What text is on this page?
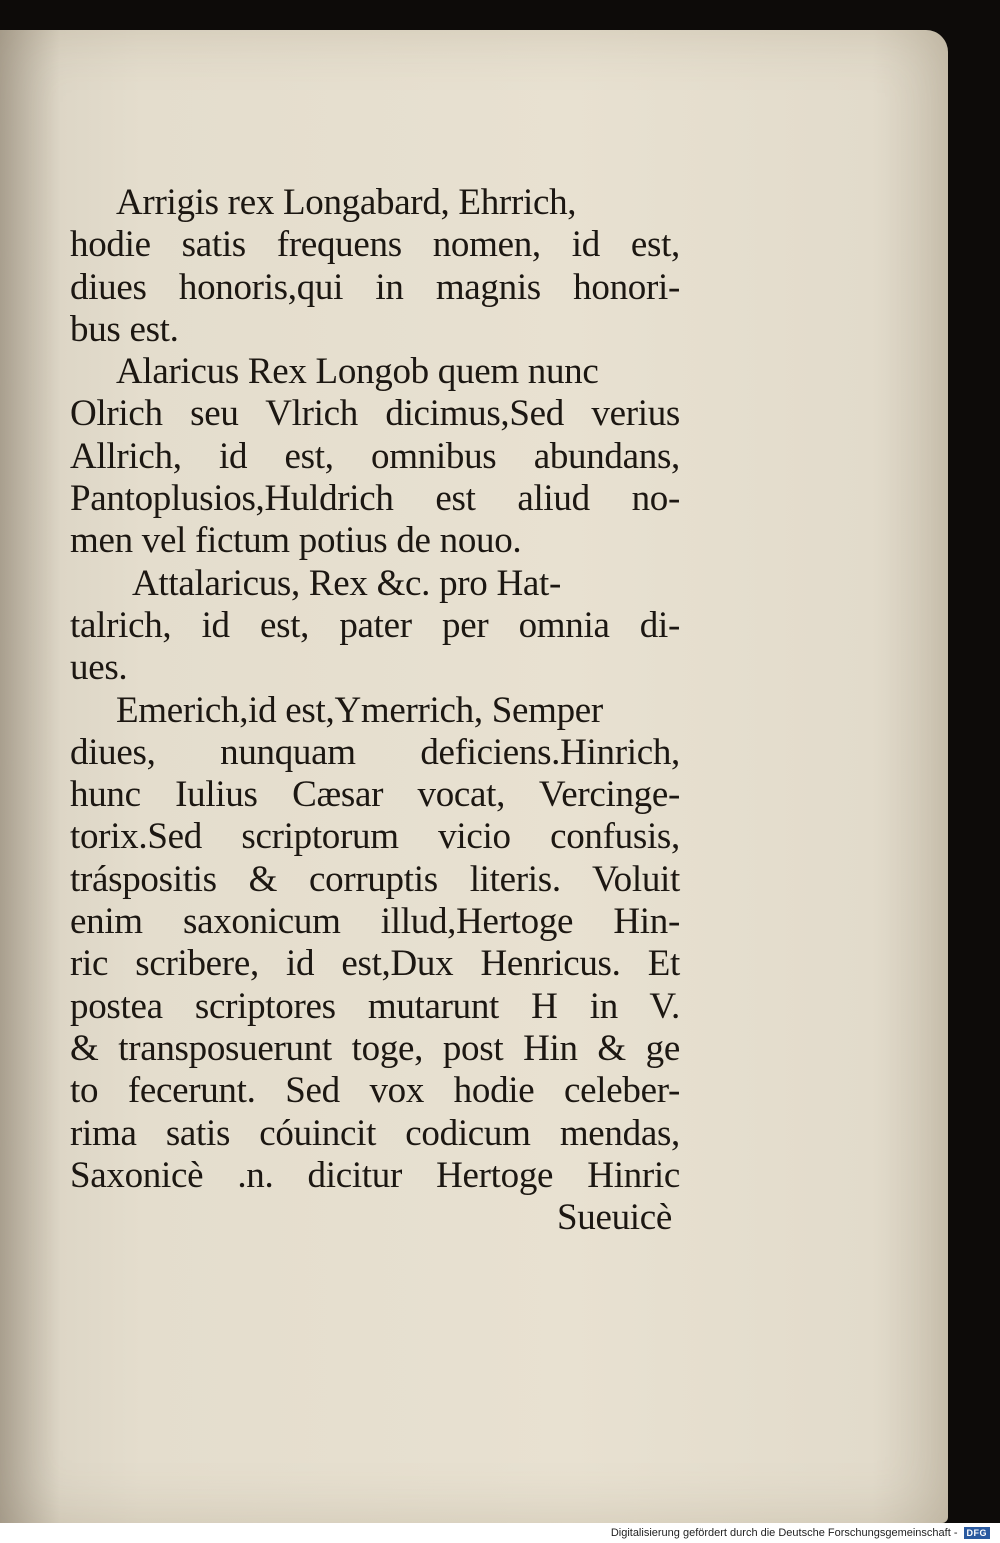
Arrigis rex Longabard, Ehrrich,
hodie satis frequens nomen, id est,
diues honoris,qui in magnis honori-
bus est.
Alaricus Rex Longob quem nunc
Olrich seu Vlrich dicimus,Sed verius
Allrich, id est, omnibus abundans,
Pantoplusios,Huldrich est aliud no-
men vel fictum potius de nouo.
Attalaricus, Rex &c. pro Hat-
talrich, id est, pater per omnia di-
ues.
Emerich,id est,Ymerrich, Semper
diues, nunquam deficiens.Hinrich,
hunc Iulius Cæsar vocat, Vercinge-
torix.Sed scriptorum vicio confusis,
tráspositis & corruptis literis. Voluit
enim saxonicum illud,Hertoge Hin-
ric scribere, id est,Dux Henricus. Et
postea scriptores mutarunt H in V.
& transposuerunt toge, post Hin & ge
to fecerunt. Sed vox hodie celeber-
rima satis cóuincit codicum mendas,
Saxonicè .n. dicitur Hertoge Hinric
Sueuicè
Digitalisierung gefördert durch die Deutsche Forschungsgemeinschaft -	DFG
